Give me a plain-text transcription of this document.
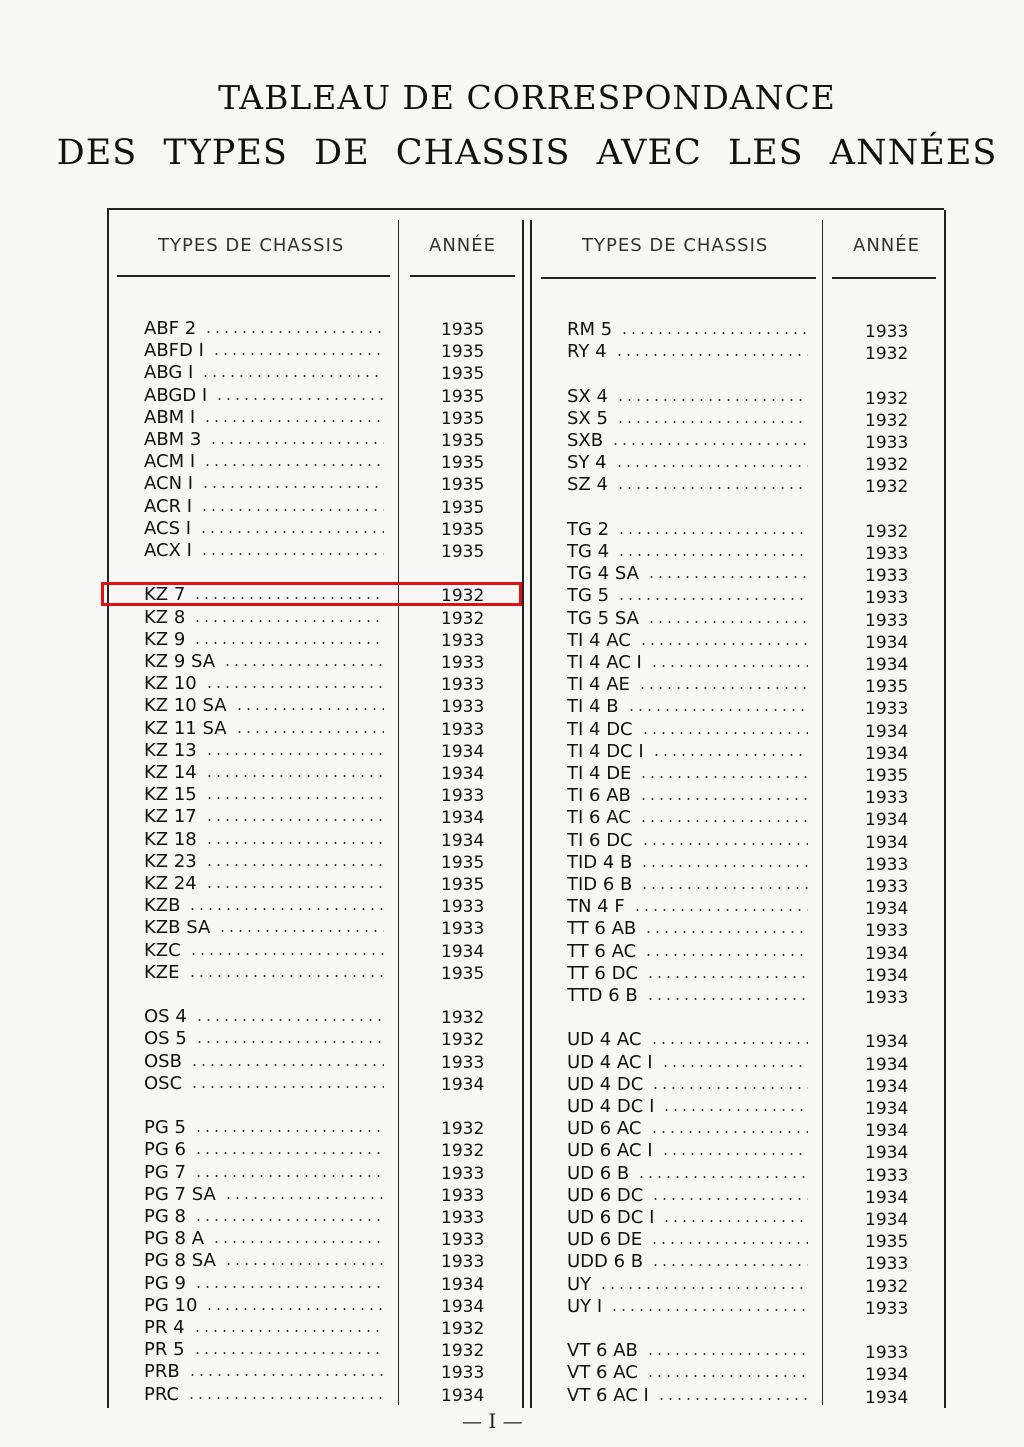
TABLEAU DE CORRESPONDANCE
DES TYPES DE CHASSIS AVEC LES ANNÉES
TYPES DE CHASSIS	ANNÉE	TYPES DE CHASSIS	ANNÉE
ABF 2	1935
ABFD I	1935
ABG I	1935
ABGD I	1935
ABM I	1935
ABM 3	1935
ACM I	1935
ACN I	1935
ACR I	1935
ACS I	1935
ACX I	1935
KZ 7	1932
KZ 8	1932
KZ 9	1933
KZ 9 SA	1933
KZ 10	1933
KZ 10 SA	1933
KZ 11 SA	1933
KZ 13	1934
KZ 14	1934
KZ 15	1933
KZ 17	1934
KZ 18	1934
KZ 23	1935
KZ 24	1935
KZB	1933
KZB SA	1933
KZC	1934
KZE	1935
OS 4	1932
OS 5	1932
OSB	1933
OSC	1934
PG 5	1932
PG 6	1932
PG 7	1933
PG 7 SA	1933
PG 8	1933
PG 8 A	1933
PG 8 SA	1933
PG 9	1934
PG 10	1934
PR 4	1932
PR 5	1932
PRB	1933
PRC	1934
RM 5	1933
RY 4	1932
SX 4	1932
SX 5	1932
SXB	1933
SY 4	1932
SZ 4	1932
TG 2	1932
TG 4	1933
TG 4 SA	1933
TG 5	1933
TG 5 SA	1933
TI 4 AC	1934
TI 4 AC I	1934
TI 4 AE	1935
TI 4 B	1933
TI 4 DC	1934
TI 4 DC I	1934
TI 4 DE	1935
TI 6 AB	1933
TI 6 AC	1934
TI 6 DC	1934
TID 4 B	1933
TID 6 B	1933
TN 4 F	1934
TT 6 AB	1933
TT 6 AC	1934
TT 6 DC	1934
TTD 6 B	1933
UD 4 AC	1934
UD 4 AC I	1934
UD 4 DC	1934
UD 4 DC I	1934
UD 6 AC	1934
UD 6 AC I	1934
UD 6 B	1933
UD 6 DC	1934
UD 6 DC I	1934
UD 6 DE	1935
UDD 6 B	1933
UY	1932
UY I	1933
VT 6 AB	1933
VT 6 AC	1934
VT 6 AC I	1934
— I —
